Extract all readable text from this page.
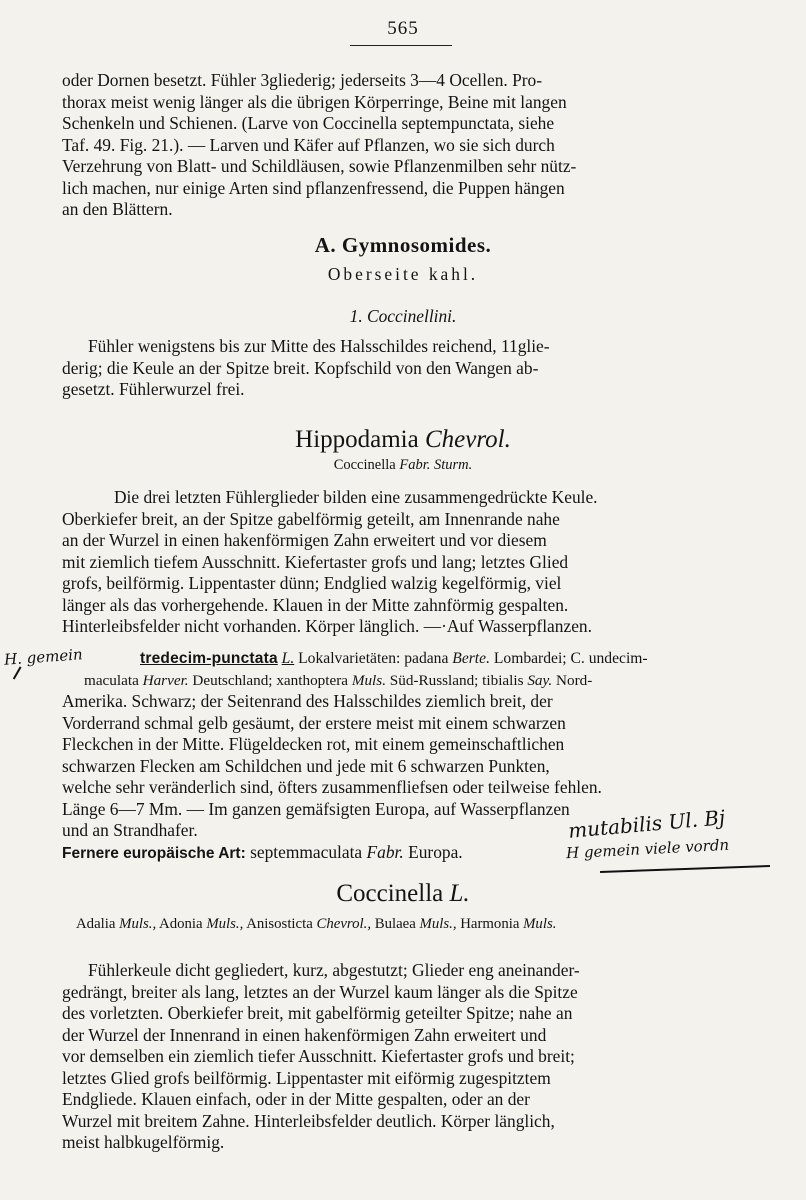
565

oder Dornen besetzt. Fühler 3gliederig; jederseits 3—4 Ocellen. Pro-

thorax meist wenig länger als die übrigen Körperringe, Beine mit langen

Schenkeln und Schienen. (Larve von Coccinella septempunctata, siehe

Taf. 49. Fig. 21.). — Larven und Käfer auf Pflanzen, wo sie sich durch

Verzehrung von Blatt- und Schildläusen, sowie Pflanzenmilben sehr nütz-

lich machen, nur einige Arten sind pflanzenfressend, die Puppen hängen

an den Blättern.

A. Gymnosomides.
Oberseite kahl.
1. Coccinellini.

Fühler wenigstens bis zur Mitte des Halsschildes reichend, 11glie-

derig; die Keule an der Spitze breit. Kopfschild von den Wangen ab-

gesetzt. Fühlerwurzel frei.

Hippodamia Chevrol.
Coccinella Fabr. Sturm.

Die drei letzten Fühlerglieder bilden eine zusammengedrückte Keule.

Oberkiefer breit, an der Spitze gabelförmig geteilt, am Innenrande nahe

an der Wurzel in einen hakenförmigen Zahn erweitert und vor diesem

mit ziemlich tiefem Ausschnitt. Kiefertaster grofs und lang; letztes Glied

grofs, beilförmig. Lippentaster dünn; Endglied walzig kegelförmig, viel

länger als das vorhergehende. Klauen in der Mitte zahnförmig gespalten.

Hinterleibsfelder nicht vorhanden. Körper länglich. —·Auf Wasserpflanzen.

tredecim-punctata L. Lokalvarietäten: padana Berte. Lombardei; C. undecim-

maculata Harver. Deutschland; xanthoptera Muls. Süd-Russland; tibialis Say. Nord-

Amerika. Schwarz; der Seitenrand des Halsschildes ziemlich breit, der

Vorderrand schmal gelb gesäumt, der erstere meist mit einem schwarzen

Fleckchen in der Mitte. Flügeldecken rot, mit einem gemeinschaftlichen

schwarzen Flecken am Schildchen und jede mit 6 schwarzen Punkten,

welche sehr veränderlich sind, öfters zusammenfliefsen oder teilweise fehlen.

Länge 6—7 Mm. — Im ganzen gemäfsigten Europa, auf Wasserpflanzen

und an Strandhafer.

Fernere europäische Art: septemmaculata Fabr. Europa.
H. gemein
mutabilis Ul. Bj
H gemein viele vordn
Coccinella L.
Adalia Muls., Adonia Muls., Anisosticta Chevrol., Bulaea Muls., Harmonia Muls.

Fühlerkeule dicht gegliedert, kurz, abgestutzt; Glieder eng aneinander-

gedrängt, breiter als lang, letztes an der Wurzel kaum länger als die Spitze

des vorletzten. Oberkiefer breit, mit gabelförmig geteilter Spitze; nahe an

der Wurzel der Innenrand in einen hakenförmigen Zahn erweitert und

vor demselben ein ziemlich tiefer Ausschnitt. Kiefertaster grofs und breit;

letztes Glied grofs beilförmig. Lippentaster mit eiförmig zugespitztem

Endgliede. Klauen einfach, oder in der Mitte gespalten, oder an der

Wurzel mit breitem Zahne. Hinterleibsfelder deutlich. Körper länglich,

meist halbkugelförmig.
